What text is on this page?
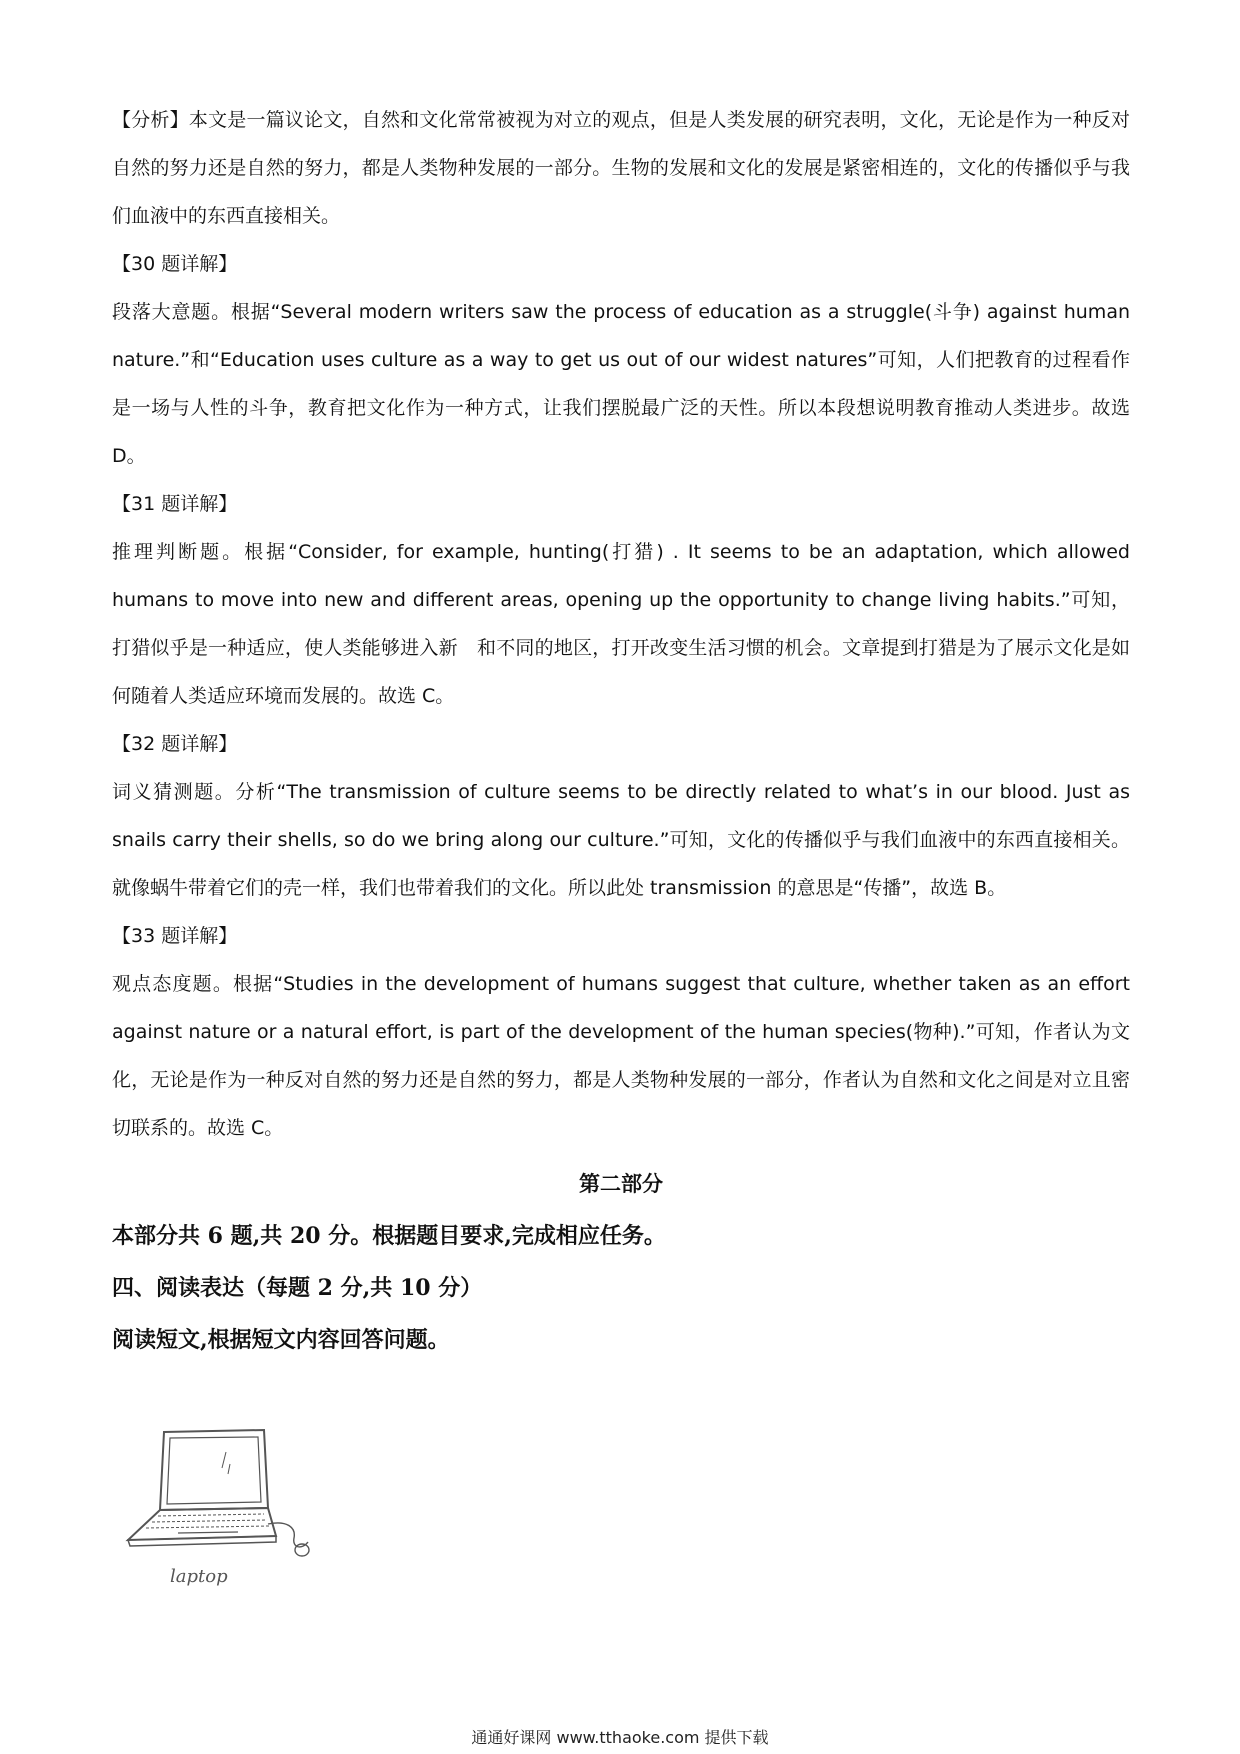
【分析】本文是一篇议论文，自然和文化常常被视为对立的观点，但是人类发展的研究表明，文化，无论是作为一种反对自然的努力还是自然的努力，都是人类物种发展的一部分。生物的发展和文化的发展是紧密相连的，文化的传播似乎与我们血液中的东西直接相关。

【30 题详解】

段落大意题。根据“Several modern writers saw the process of education as a struggle(斗争) against human nature.”和“Education uses culture as a way to get us out of our widest natures”可知，人们把教育的过程看作是一场与人性的斗争，教育把文化作为一种方式，让我们摆脱最广泛的天性。所以本段想说明教育推动人类进步。故选 D。

【31 题详解】

推理判断题。根据“Consider, for example, hunting(打猎) . It seems to be an adaptation, which allowed humans to move into new and different areas, opening up the opportunity to change living habits.”可知，打猎似乎是一种适应，使人类能够进入新　和不同的地区，打开改变生活习惯的机会。文章提到打猎是为了展示文化是如何随着人类适应环境而发展的。故选 C。

【32 题详解】

词义猜测题。分析“The transmission of culture seems to be directly related to what’s in our blood. Just as snails carry their shells, so do we bring along our culture.”可知，文化的传播似乎与我们血液中的东西直接相关。就像蜗牛带着它们的壳一样，我们也带着我们的文化。所以此处 transmission 的意思是“传播”，故选 B。

【33 题详解】

观点态度题。根据“Studies in the development of humans suggest that culture, whether taken as an effort against nature or a natural effort, is part of the development of the human species(物种).”可知，作者认为文化，无论是作为一种反对自然的努力还是自然的努力，都是人类物种发展的一部分，作者认为自然和文化之间是对立且密切联系的。故选 C。

第二部分

本部分共 6 题,共 20 分。根据题目要求,完成相应任务。

四、阅读表达（每题 2 分,共 10 分）

阅读短文,根据短文内容回答问题。

laptop
通通好课网 www.tthaoke.com 提供下载
